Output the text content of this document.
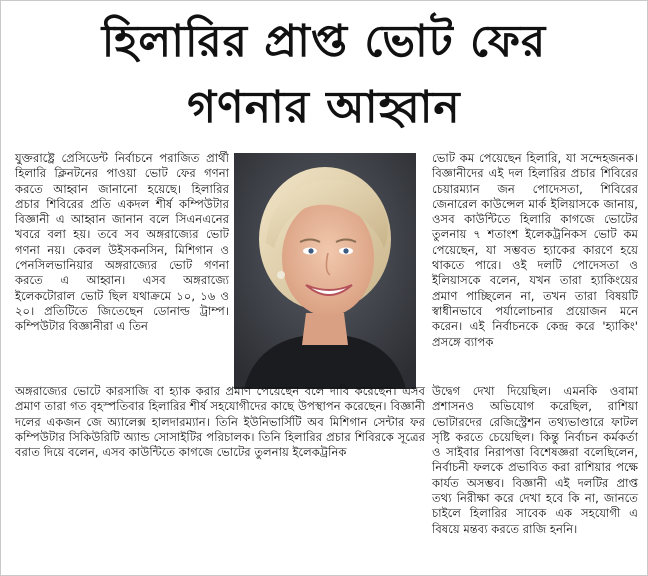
হিলারির প্রাপ্ত ভোট ফের
গণনার আহ্বান

যুক্তরাষ্ট্রে প্রেসিডেন্ট নির্বাচনে পরাজিত প্রার্থী হিলারি ক্লিনটনের পাওয়া ভোট ফের গণনা করতে আহ্বান জানানো হয়েছে। হিলারির প্রচার শিবিরের প্রতি একদল শীর্ষ কম্পিউটার বিজ্ঞানী এ আহ্বান জানান বলে সিএনএনের খবরে বলা হয়। তবে সব অঙ্গরাজ্যের ভোট গণনা নয়। কেবল উইসকনসিন, মিশিগান ও পেনসিলভানিয়ার অঙ্গরাজ্যের ভোট গণনা করতে এ আহ্বান। এসব অঙ্গরাজ্যে ইলেকটোরাল ভোট ছিল যথাক্রমে ১০, ১৬ ও ২০। প্রতিটিতে জিতেছেন ডোনাল্ড ট্রাম্প। কম্পিউটার বিজ্ঞানীরা এ তিন

ভোট কম পেয়েছেন হিলারি, যা সন্দেহজনক। বিজ্ঞানীদের এই দল হিলারির প্রচার শিবিরের চেয়ারম্যান জন পোদেসতা, শিবিরের জেনারেল কাউন্সেল মার্ক ইলিয়াসকে জানায়, ওসব কাউন্টিতে হিলারি কাগজে ভোটের তুলনায় ৭ শতাংশ ইলেকট্রনিকস ভোট কম পেয়েছেন, যা সম্ভবত হ্যাকের কারণে হয়ে থাকতে পারে। ওই দলটি পোদেসতা ও ইলিয়াসকে বলেন, যখন তারা হ্যাকিংয়ের প্রমাণ পাচ্ছিলেন না, তখন তারা বিষয়টি স্বাধীনভাবে পর্যালোচনার প্রয়োজন মনে করেন। এই নির্বাচনকে কেন্দ্র করে 'হ্যাকিং' প্রসঙ্গে ব্যাপক

অঙ্গরাজ্যের ভোটে কারসাজি বা হ্যাক করার প্রমাণ পেয়েছেন বলে দাবি করেছেন। এসব প্রমাণ তারা গত বৃহস্পতিবার হিলারির শীর্ষ সহযোগীদের কাছে উপস্থাপন করেছেন। বিজ্ঞানী দলের একজন জে অ্যালেক্স হালদারম্যান। তিনি ইউনিভার্সিটি অব মিশিগান সেন্টার ফর কম্পিউটার সিকিউরিটি অ্যান্ড সোসাইটির পরিচালক। তিনি হিলারির প্রচার শিবিরকে সূত্রের বরাত দিয়ে বলেন, এসব কাউন্টিতে কাগজে ভোটের তুলনায় ইলেকট্রনিক

উদ্বেগ দেখা দিয়েছিল। এমনকি ওবামা প্রশাসনও অভিযোগ করেছিল, রাশিয়া ভোটারদের রেজিস্ট্রেশন তথ্যভাণ্ডারে ফাটল সৃষ্টি করতে চেয়েছিল। কিন্তু নির্বাচন কর্মকর্তা ও সাইবার নিরাপত্তা বিশেষজ্ঞরা বলেছিলেন, নির্বাচনী ফলকে প্রভাবিত করা রাশিয়ার পক্ষে কার্যত অসম্ভব। বিজ্ঞানী এই দলটির প্রাপ্ত তথ্য নিরীক্ষা করে দেখা হবে কি না, জানতে চাইলে হিলারির সাবেক এক সহযোগী এ বিষয়ে মন্তব্য করতে রাজি হননি।
